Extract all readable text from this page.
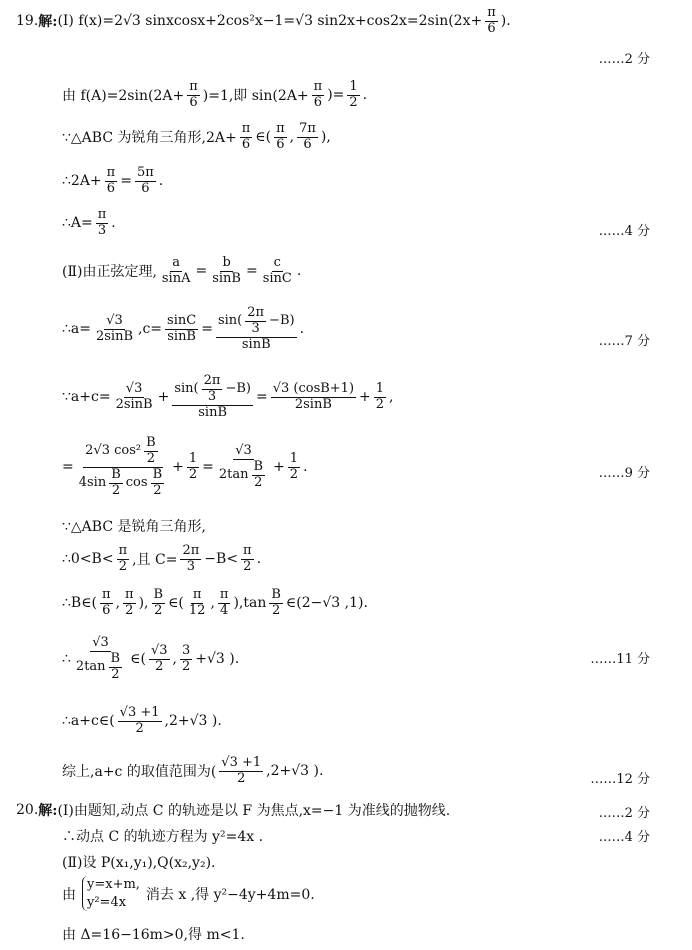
19. 解: (Ⅰ) f(x)=2√3 sinxcosx+2cos²x−1=√3 $\sin 2x+\cos 2x=2\sin(2x+ \frac{\pi}{6}$ ).
……2 分
由 $f(A)=2\sin(2A+ \frac{\pi}{6} )=1$,即 $\sin(2A+ \frac{\pi}{6}$ )= $\frac{1}{2}$ .
∵△ABC 为锐角三角形$,2A+ \frac{\pi}{6}$ ∈( $\frac{\pi}{6}$ , $\frac{7\pi}{6}$ ),
∴2A+ $\frac{\pi}{6} = \frac{5\pi}{6}$ .
∴A= $\frac{\pi}{3}$ .
……4 分
(Ⅱ)由正弦定理, $\frac{a}{\sin A} = \frac{b}{\sin B} = \frac{c}{\sin C}$ .
∴a= $\frac{√3}{2\sin B} ,c= \frac{\sin C}{\sin B} = \frac{\sin( \frac{2\pi}{3} -B)}{\sin B}$ .
……7 分
∵a+c= $\frac{√3}{2\sin B} + \frac{\sin( \frac{2\pi}{3} -B)}{\sin B} = \frac{√3 (\cos B+1)}{2\sin B} + \frac{1}{2}$ ,
= $\frac{2√3 \cos^2 \frac{B}{2}}{4\sin \frac{B}{2} \cos \frac{B}{2}} + \frac{1}{2} = \frac{√3}{2\tan \frac{B}{2}} + \frac{1}{2}$ .	……9 分
∵△ABC 是锐角三角形,
∴0<B< $\frac{\pi}{2}$ ,且 $C= \frac{2\pi}{3} -B< \frac{\pi}{2}$ .
∴B∈( $\frac{\pi}{6}$ , $\frac{\pi}{2}$ ), $\frac{B}{2}$ ∈( $\frac{\pi}{12}$ , $\frac{\pi}{4} ),\tan \frac{B}{2}$ ∈(2−√3 ,1).
∴ $\frac{√3}{2\tan \frac{B}{2}}$ ∈( $\frac{√3}{2}$ , $\frac{3}{2} +√3$ ).	……11 分
∴a+c∈( $\frac{√3 +1}{2} ,2+√3$ ).
综上,a+c 的取值范围为( $\frac{√3 +1}{2} ,2+√3$ ).
……12 分
20. 解: (Ⅰ)由题知,动点 C 的轨迹是以 F 为焦点,x=−1 为准线的抛物线.	……2 分
∴动点 C 的轨迹方程为 y²=4x .	……4 分
(Ⅱ)设 P(x₁,y₁),Q(x₂,y₂).
由
y=x+m,
y²=4x	消去 x ,得 y²−4y+4m=0.
由 Δ=16−16m>0,得 m<1.
